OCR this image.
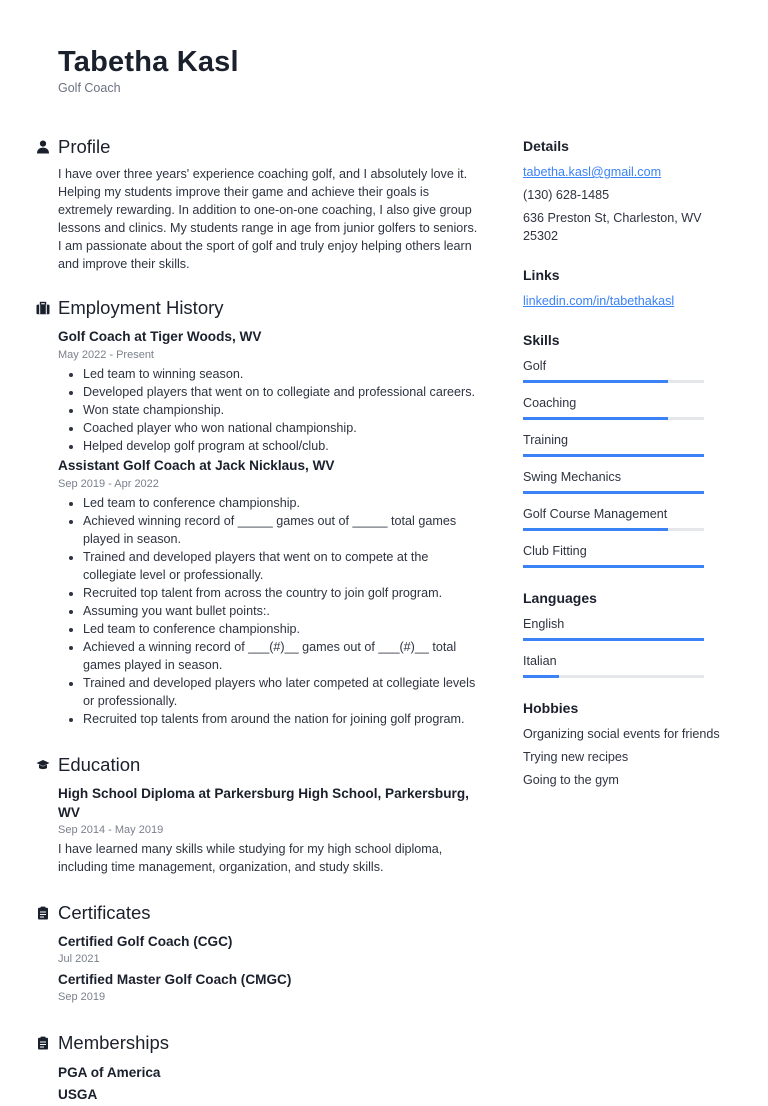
Tabetha Kasl
Golf Coach
Profile
I have over three years' experience coaching golf, and I absolutely love it. Helping my students improve their game and achieve their goals is extremely rewarding. In addition to one-on-one coaching, I also give group lessons and clinics. My students range in age from junior golfers to seniors. I am passionate about the sport of golf and truly enjoy helping others learn and improve their skills.
Employment History
Golf Coach at Tiger Woods, WV
May 2022 - Present
• Led team to winning season.
• Developed players that went on to collegiate and professional careers.
• Won state championship.
• Coached player who won national championship.
• Helped develop golf program at school/club.
Assistant Golf Coach at Jack Nicklaus, WV
Sep 2019 - Apr 2022
• Led team to conference championship.
• Achieved winning record of _____ games out of _____ total games played in season.
• Trained and developed players that went on to compete at the collegiate level or professionally.
• Recruited top talent from across the country to join golf program.
• Assuming you want bullet points:.
• Led team to conference championship.
• Achieved a winning record of ___(#)__ games out of ___(#)__ total games played in season.
• Trained and developed players who later competed at collegiate levels or professionally.
• Recruited top talents from around the nation for joining golf program.
Education
High School Diploma at Parkersburg High School, Parkersburg, WV
Sep 2014 - May 2019
I have learned many skills while studying for my high school diploma, including time management, organization, and study skills.
Certificates
Certified Golf Coach (CGC)
Jul 2021
Certified Master Golf Coach (CMGC)
Sep 2019
Memberships
PGA of America
USGA
Details
tabetha.kasl@gmail.com
(130) 628-1485
636 Preston St, Charleston, WV 25302
Links
linkedin.com/in/tabethakasl
Skills
Golf
Coaching
Training
Swing Mechanics
Golf Course Management
Club Fitting
Languages
English
Italian
Hobbies
Organizing social events for friends
Trying new recipes
Going to the gym
